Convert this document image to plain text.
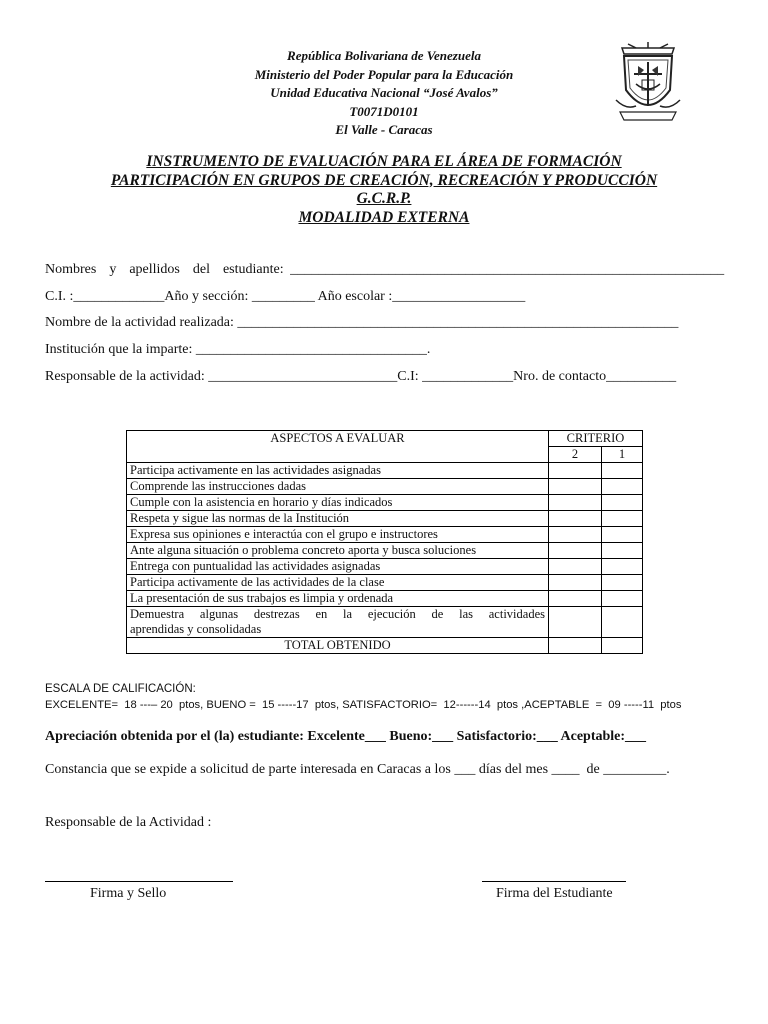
República Bolivariana de Venezuela
Ministerio del Poder Popular para la Educación
Unidad Educativa Nacional “José Avalos”
T0071D0101
El Valle - Caracas
INSTRUMENTO DE EVALUACIÓN PARA EL ÁREA DE FORMACIÓN
PARTICIPACIÓN EN GRUPOS DE CREACIÓN, RECREACIÓN Y PRODUCCIÓN
G.C.R.P.
MODALIDAD EXTERNA
Nombres  y  apellidos  del  estudiante: ______________________________________________________________
C.I. :_____________Año y sección: _________ Año escolar :___________________
Nombre de la actividad realizada: _______________________________________________________________
Institución que la imparte: _________________________________.
Responsable de la actividad: ___________________________C.I: _____________Nro. de contacto__________
ASPECTOS A EVALUAR	CRITERIO	
	2	1
Participa activamente en las actividades asignadas		
Comprende las instrucciones dadas		
Cumple con la asistencia en horario y días indicados		
Respeta y sigue las normas de la Institución		
Expresa sus opiniones e interactúa con el grupo e instructores		
Ante alguna situación o problema concreto aporta y busca soluciones		
Entrega con puntualidad las actividades asignadas		
Participa activamente de las actividades de la clase		
La presentación de sus trabajos es limpia y ordenada		

Demuestra algunas destrezas en la ejecución de las actividades
aprendidas y consolidadas		

TOTAL OBTENIDO		
ESCALA DE CALIFICACIÓN:
EXCELENTE=  18 ---– 20  ptos, BUENO =  15 -----17  ptos, SATISFACTORIO=  12------14  ptos ,ACEPTABLE  =  09 -----11  ptos
Apreciación obtenida por el (la) estudiante: Excelente___ Bueno:___ Satisfactorio:___ Aceptable:___
Constancia que se expide a solicitud de parte interesada en Caracas a los ___ días del mes ____  de _________.
Responsable de la Actividad :
Firma y Sello	Firma del Estudiante
